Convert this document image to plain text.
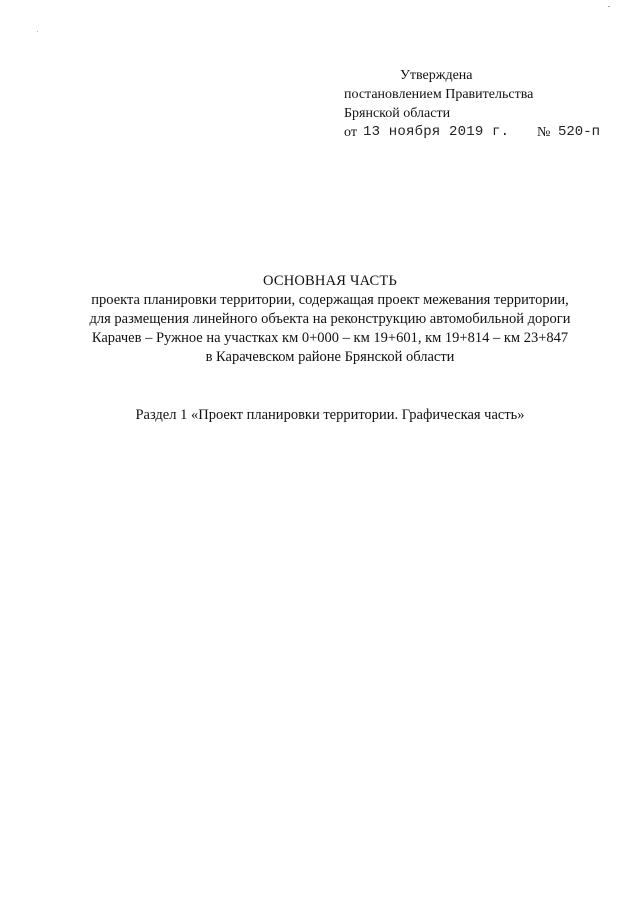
Утверждена
постановлением Правительства
Брянской области
от 13 ноября 2019 г. № 520-п
ОСНОВНАЯ ЧАСТЬ
проекта планировки территории, содержащая проект межевания территории,
для размещения линейного объекта на реконструкцию автомобильной дороги
Карачев – Ружное на участках км 0+000 – км 19+601, км 19+814 – км 23+847
в Карачевском районе Брянской области
Раздел 1 «Проект планировки территории. Графическая часть»
